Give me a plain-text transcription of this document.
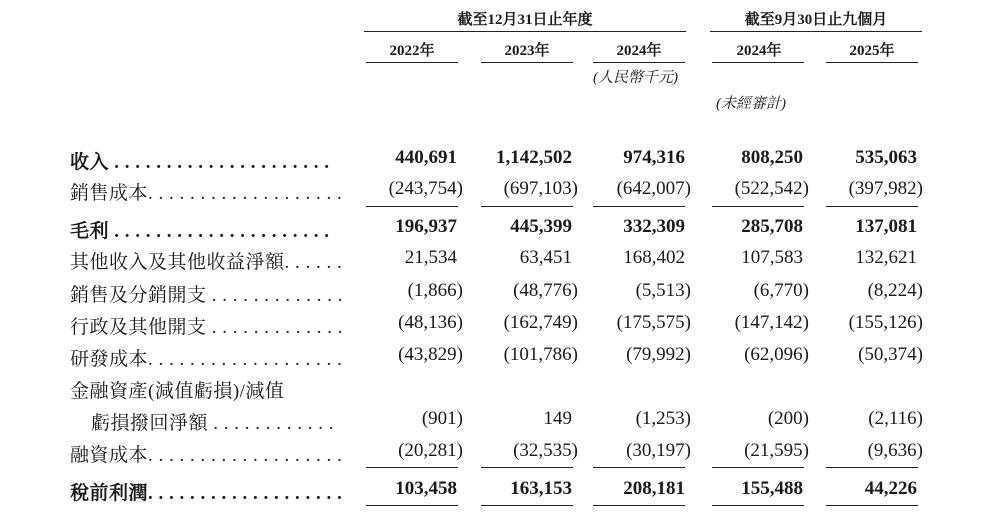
截至12月31日止年度	截至9月30日止九個月
2022年	2023年	2024年	2024年	2025年
(人民幣千元)
(未經審計)
收入 . . . . . . . . . . . . . . . . . . . . .	440,691	1,142,502	974,316	808,250	535,063
銷售成本. . . . . . . . . . . . . . . . . . .	(243,754)	(697,103)	(642,007)	(522,542)	(397,982)
毛利 . . . . . . . . . . . . . . . . . . . . .	196,937	445,399	332,309	285,708	137,081
其他收入及其他收益淨額. . . . . .	21,534	63,451	168,402	107,583	132,621
銷售及分銷開支 . . . . . . . . . . . . .	(1,866)	(48,776)	(5,513)	(6,770)	(8,224)
行政及其他開支 . . . . . . . . . . . . .	(48,136)	(162,749)	(175,575)	(147,142)	(155,126)
研發成本. . . . . . . . . . . . . . . . . . .	(43,829)	(101,786)	(79,992)	(62,096)	(50,374)
金融資產(減值虧損)/減值
虧損撥回淨額 . . . . . . . . . . . .	(901)	149	(1,253)	(200)	(2,116)
融資成本. . . . . . . . . . . . . . . . . . .	(20,281)	(32,535)	(30,197)	(21,595)	(9,636)
稅前利潤. . . . . . . . . . . . . . . . . . .	103,458	163,153	208,181	155,488	44,226
